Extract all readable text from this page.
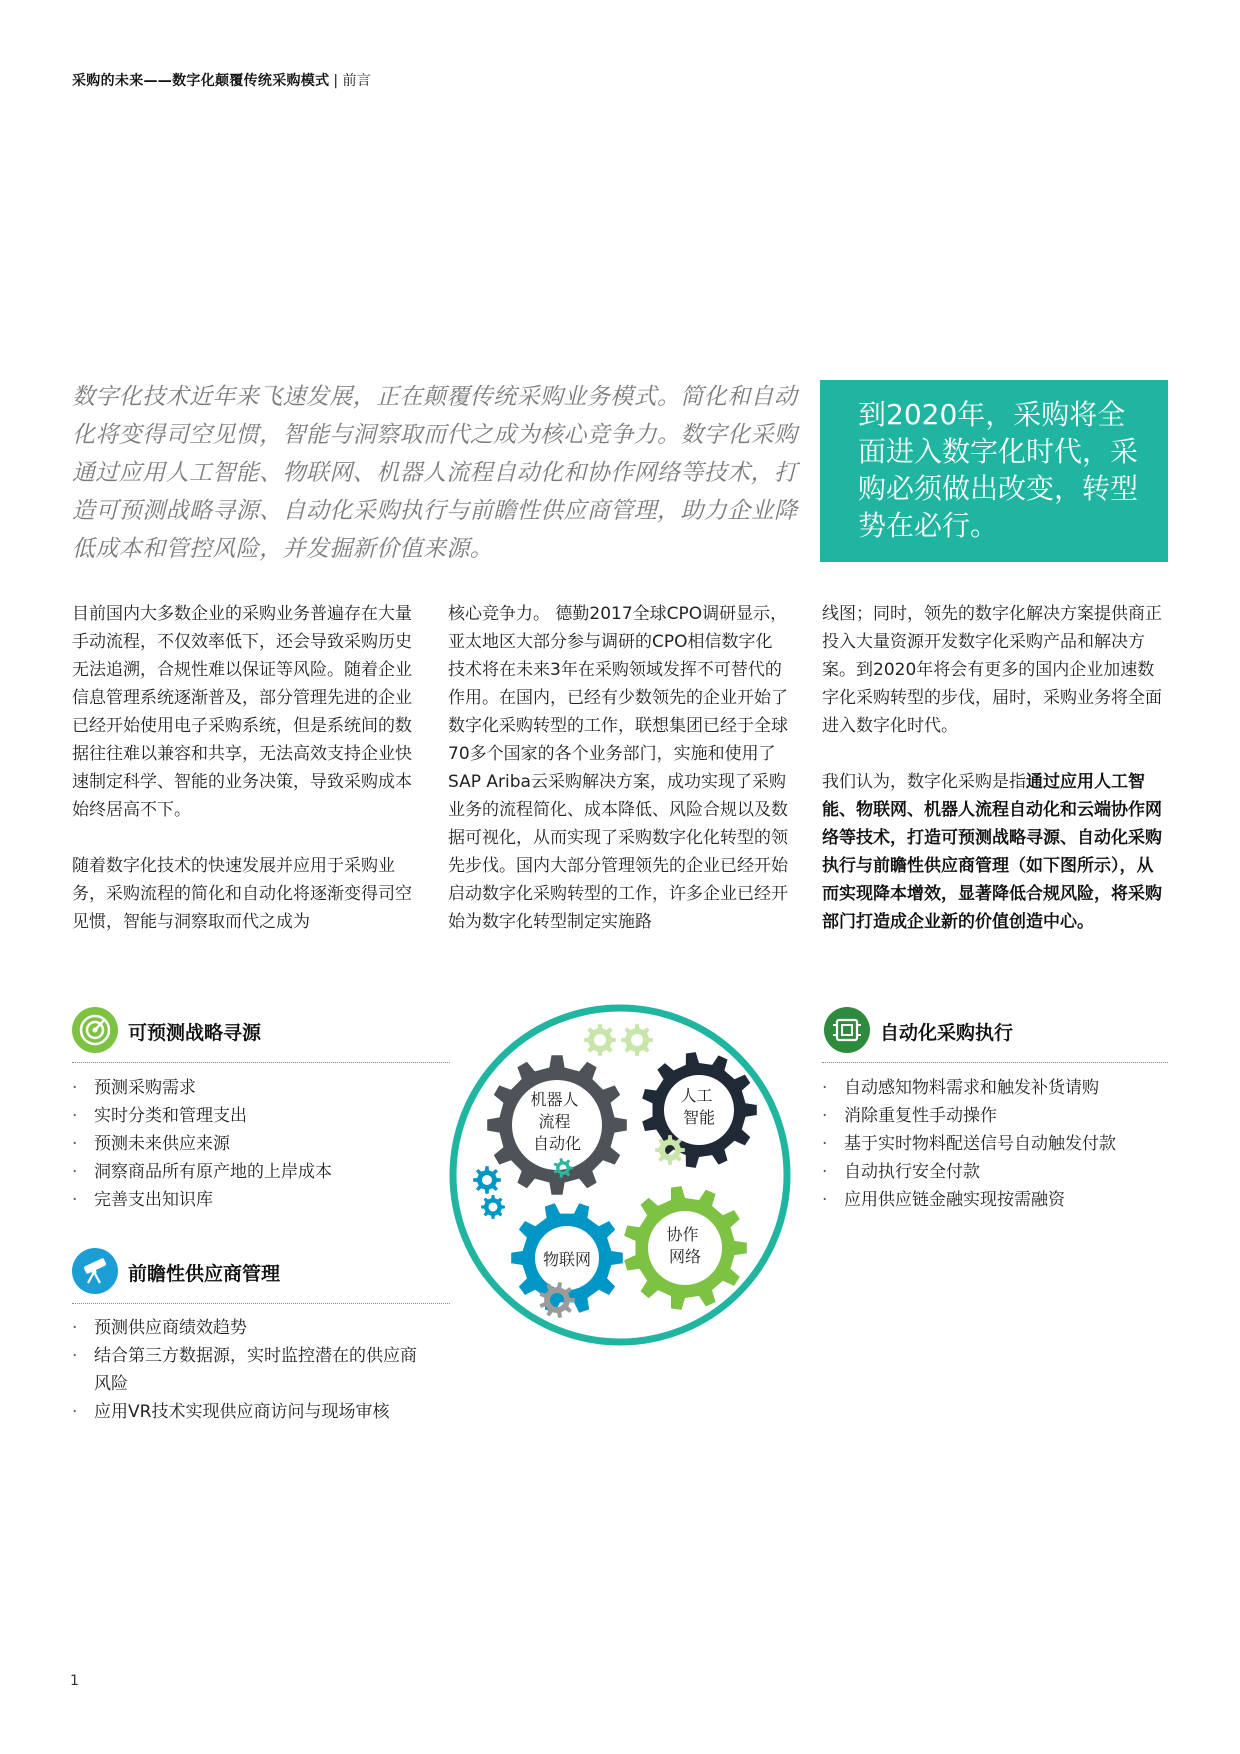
采购的未来——数字化颠覆传统采购模式 | 前言
数字化技术近年来飞速发展，正在颠覆传统采购业务模式。简化和自动化将变得司空见惯，智能与洞察取而代之成为核心竞争力。数字化采购通过应用人工智能、物联网、机器人流程自动化和协作网络等技术，打造可预测战略寻源、自动化采购执行与前瞻性供应商管理，助力企业降低成本和管控风险，并发掘新价值来源。
到2020年，采购将全面进入数字化时代，采购必须做出改变，转型势在必行。

目前国内大多数企业的采购业务普遍存在大量手动流程，不仅效率低下，还会导致采购历史无法追溯，合规性难以保证等风险。随着企业信息管理系统逐渐普及，部分管理先进的企业已经开始使用电子采购系统，但是系统间的数据往往难以兼容和共享，无法高效支持企业快速制定科学、智能的业务决策，导致采购成本始终居高不下。

随着数字化技术的快速发展并应用于采购业务，采购流程的简化和自动化将逐渐变得司空见惯，智能与洞察取而代之成为

核心竞争力。 德勤2017全球CPO调研显示，亚太地区大部分参与调研的CPO相信数字化技术将在未来3年在采购领域发挥不可替代的作用。在国内，已经有少数领先的企业开始了数字化采购转型的工作，联想集团已经于全球70多个国家的各个业务部门，实施和使用了SAP Ariba云采购解决方案，成功实现了采购业务的流程简化、成本降低、风险合规以及数据可视化，从而实现了采购数字化化转型的领先步伐。国内大部分管理领先的企业已经开始启动数字化采购转型的工作，许多企业已经开始为数字化转型制定实施路

线图；同时，领先的数字化解决方案提供商正投入大量资源开发数字化采购产品和解决方案。到2020年将会有更多的国内企业加速数字化采购转型的步伐，届时，采购业务将全面进入数字化时代。

我们认为，数字化采购是指通过应用人工智能、物联网、机器人流程自动化和云端协作网络等技术，打造可预测战略寻源、自动化采购执行与前瞻性供应商管理（如下图所示），从而实现降本增效，显著降低合规风险，将采购部门打造成企业新的价值创造中心。

可预测战略寻源
· 预测采购需求
· 实时分类和管理支出
· 预测未来供应来源
· 洞察商品所有原产地的上岸成本
· 完善支出知识库
前瞻性供应商管理
· 预测供应商绩效趋势
· 结合第三方数据源，实时监控潜在的供应商风险
· 应用VR技术实现供应商访问与现场审核
自动化采购执行
· 自动感知物料需求和触发补货请购
· 消除重复性手动操作
· 基于实时物料配送信号自动触发付款
· 自动执行安全付款
· 应用供应链金融实现按需融资
机器人 流程 自动化
人工 智能
物联网
协作 网络
1
